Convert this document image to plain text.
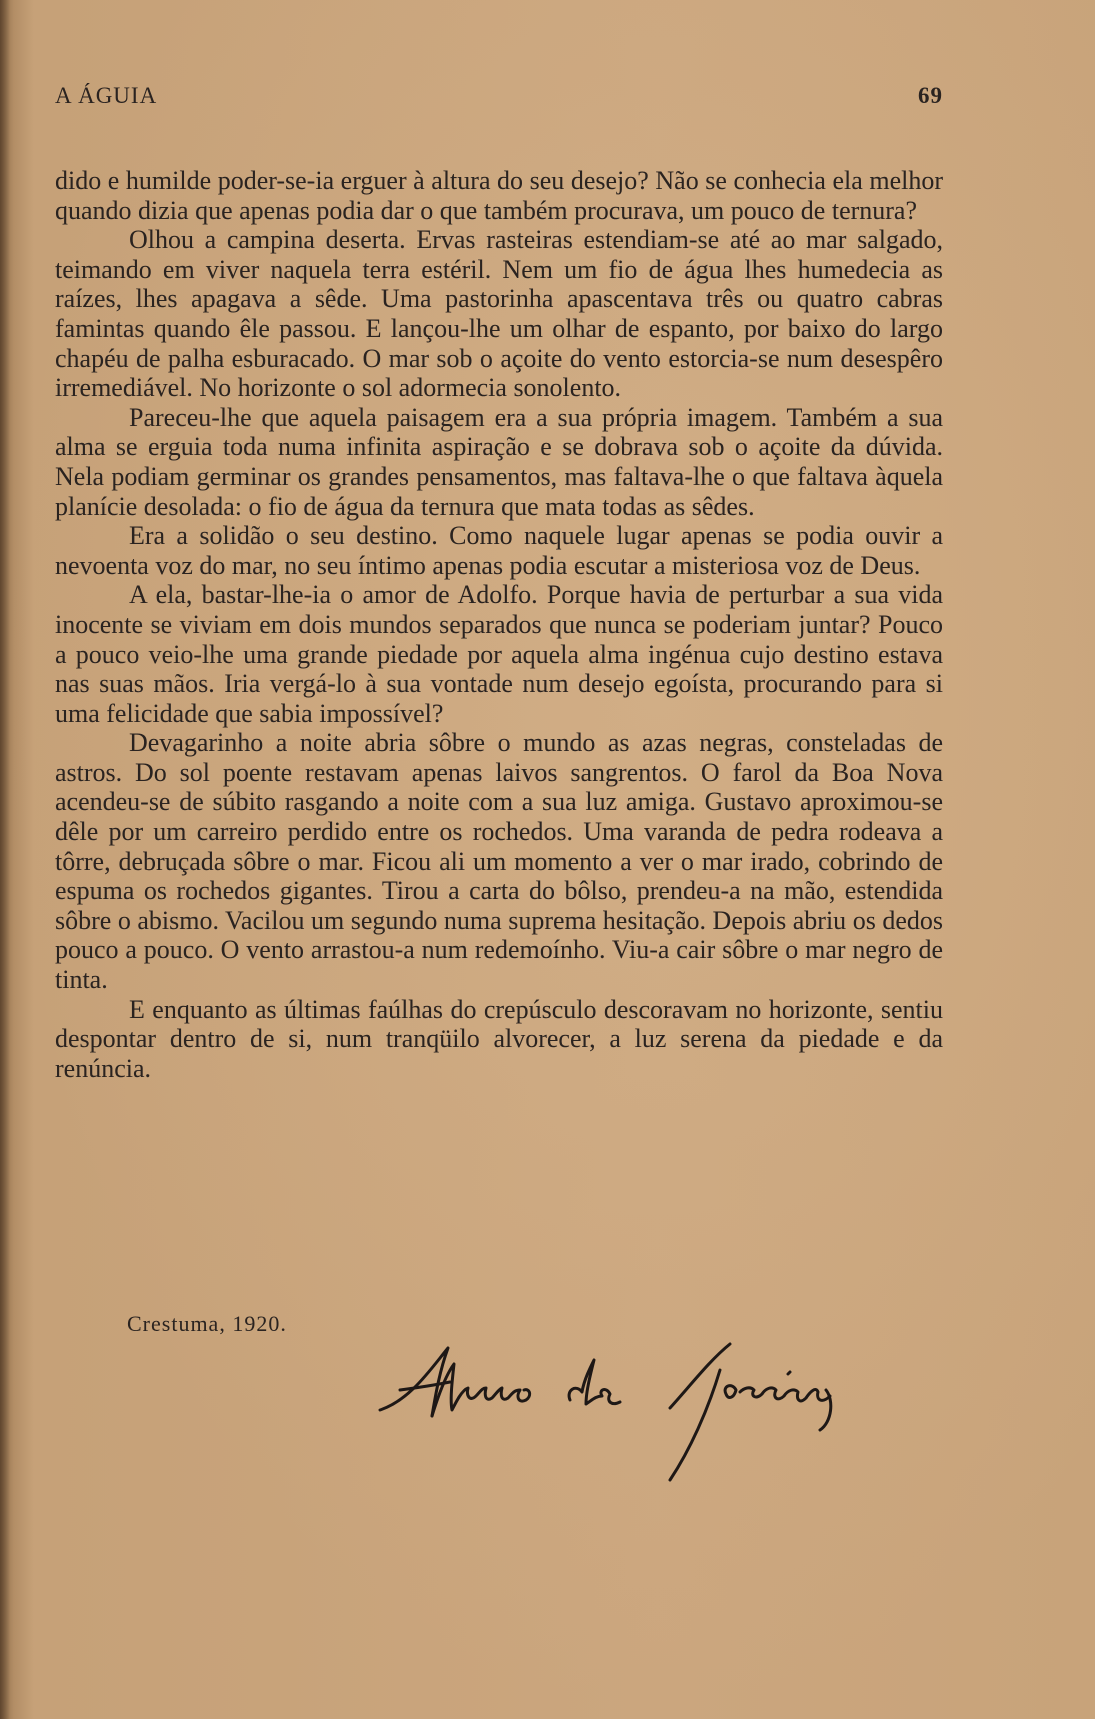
A ÁGUIA	69

dido e humilde poder-se-ia erguer à altura do seu desejo? Não se conhecia ela melhor quando dizia que apenas podia dar o que também procurava, um pouco de ternura?

Olhou a campina deserta. Ervas rasteiras estendiam-se até ao mar salgado, teimando em viver naquela terra estéril. Nem um fio de água lhes humedecia as raízes, lhes apagava a sêde. Uma pastorinha apascentava três ou quatro cabras famintas quando êle passou. E lançou-lhe um olhar de espanto, por baixo do largo chapéu de palha esburacado. O mar sob o açoite do vento estorcia-se num desespêro irremediável. No horizonte o sol adormecia sonolento.

Pareceu-lhe que aquela paisagem era a sua própria imagem. Também a sua alma se erguia toda numa infinita aspiração e se dobrava sob o açoite da dúvida. Nela podiam germinar os grandes pensamentos, mas faltava-lhe o que faltava àquela planície desolada: o fio de água da ternura que mata todas as sêdes.

Era a solidão o seu destino. Como naquele lugar apenas se podia ouvir a nevoenta voz do mar, no seu íntimo apenas podia escutar a misteriosa voz de Deus.

A ela, bastar-lhe-ia o amor de Adolfo. Porque havia de perturbar a sua vida inocente se viviam em dois mundos separados que nunca se poderiam juntar? Pouco a pouco veio-lhe uma grande piedade por aquela alma ingénua cujo destino estava nas suas mãos. Iria vergá-lo à sua vontade num desejo egoísta, procurando para si uma felicidade que sabia impossível?

Devagarinho a noite abria sôbre o mundo as azas negras, consteladas de astros. Do sol poente restavam apenas laivos sangrentos. O farol da Boa Nova acendeu-se de súbito rasgando a noite com a sua luz amiga. Gustavo aproximou-se dêle por um carreiro perdido entre os rochedos. Uma varanda de pedra rodeava a tôrre, debruçada sôbre o mar. Ficou ali um momento a ver o mar irado, cobrindo de espuma os rochedos gigantes. Tirou a carta do bôlso, prendeu-a na mão, estendida sôbre o abismo. Vacilou um segundo numa suprema hesitação. Depois abriu os dedos pouco a pouco. O vento arrastou-a num redemoínho. Viu-a cair sôbre o mar negro de tinta.

E enquanto as últimas faúlhas do crepúsculo descoravam no horizonte, sentiu despontar dentro de si, num tranqüilo alvorecer, a luz serena da piedade e da renúncia.

Crestuma, 1920.
